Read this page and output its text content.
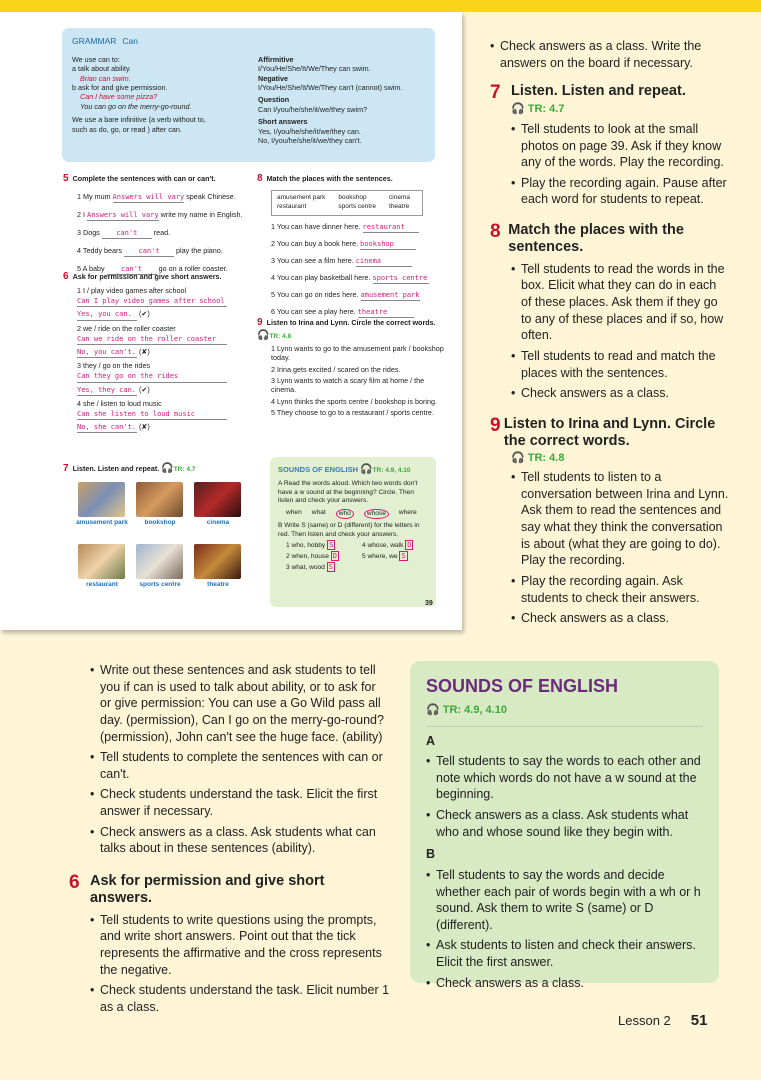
GRAMMAR Can

We use can to:

a talk about ability.

Brian can swim.

b ask for and give permission.

Can I have some pizza?

You can go on the merry-go-round.

We use a bare infinitive (a verb without to,

such as do, go, or read ) after can.

Affirmitive

I/You/He/She/It/We/They can swim.

Negative

I/You/He/She/It/We/They can't (cannot) swim.

Question

Can I/you/he/she/it/we/they swim?

Short answers

Yes, I/you/he/she/it/we/they can.

No, I/you/he/she/it/we/they can't.

5 Complete the sentences with can or can't.
1 My mum Answers will vary speak Chinese.
2 I Answers will vary write my name in English.
3 Dogs can't read.
4 Teddy bears can't play the piano.
5 A baby can't go on a roller coaster.
6 Ask for permission and give short answers.
1 I / play video games after school
Can I play video games after school
Yes, you can. (✔)
2 we / ride on the roller coaster
Can we ride on the roller coaster
No, you can't. (✘)
3 they / go on the rides
Can they go on the rides
Yes, they can. (✔)
4 she / listen to loud music
Can she listen to loud music
No, she can't. (✘)
7 Listen. Listen and repeat. 🎧TR: 4.7
amusement park	bookshop	cinema
restaurant	sports centre	theatre
8 Match the places with the sentences.
amusement park	bookshop	cinema
restaurant	sports centre	theatre
1 You can have dinner here. restaurant
2 You can buy a book here. bookshop
3 You can see a film here. cinema
4 You can play basketball here. sports centre
5 You can go on rides here. amusement park
6 You can see a play here. theatre
9 Listen to Irina and Lynn. Circle the correct words. 🎧TR: 4.8

1 Lynn wants to go to the amusement park / bookshop today.

2 Irina gets excited / scared on the rides.

3 Lynn wants to watch a scary film at home / the cinema.

4 Lynn thinks the sports centre / bookshop is boring.

5 They choose to go to a restaurant / sports centre.

SOUNDS OF ENGLISH 🎧TR: 4.9, 4.10

A Read the words aloud. Which two words don't have a w sound at the beginning? Circle. Then listen and check your answers.

when what	who	whose	where

B Write S (same) or D (different) for the letters in red. Then listen and check your answers.

1 who, hobby S	4 whose, walk D
2 when, house D	5 where, we S
3 what, wood S
39
• Check answers as a class. Write the answers on the board if necessary.
7 Listen. Listen and repeat.
🎧 TR: 4.7
• Tell students to look at the small photos on page 39. Ask if they know any of the words. Play the recording.
• Play the recording again. Pause after each word for students to repeat.
8 Match the places with the sentences.
• Tell students to read the words in the box. Elicit what they can do in each of these places. Ask them if they go to any of these places and if so, how often.
• Tell students to read and match the places with the sentences.
• Check answers as a class.
9 Listen to Irina and Lynn. Circle the correct words.
🎧 TR: 4.8
• Tell students to listen to a conversation between Irina and Lynn. Ask them to read the sentences and say what they think the conversation is about (what they are going to do). Play the recording.
• Play the recording again. Ask students to check their answers.
• Check answers as a class.
• Write out these sentences and ask students to tell you if can is used to talk about ability, or to ask for or give permission: You can use a Go Wild pass all day. (permission), Can I go on the merry-go-round? (permission), John can't see the huge face. (ability)
• Tell students to complete the sentences with can or can't.
• Check students understand the task. Elicit the first answer if necessary.
• Check answers as a class. Ask students what can talks about in these sentences (ability).
6 Ask for permission and give short answers.
• Tell students to write questions using the prompts, and write short answers. Point out that the tick represents the affirmative and the cross represents the negative.
• Check students understand the task. Elicit number 1 as a class.
SOUNDS OF ENGLISH
🎧 TR: 4.9, 4.10
A
• Tell students to say the words to each other and note which words do not have a w sound at the beginning.
• Check answers as a class. Ask students what who and whose sound like they begin with.
B
• Tell students to say the words and decide whether each pair of words begin with a wh or h sound. Ask them to write S (same) or D (different).
• Ask students to listen and check their answers. Elicit the first answer.
• Check answers as a class.
Lesson 2 51
